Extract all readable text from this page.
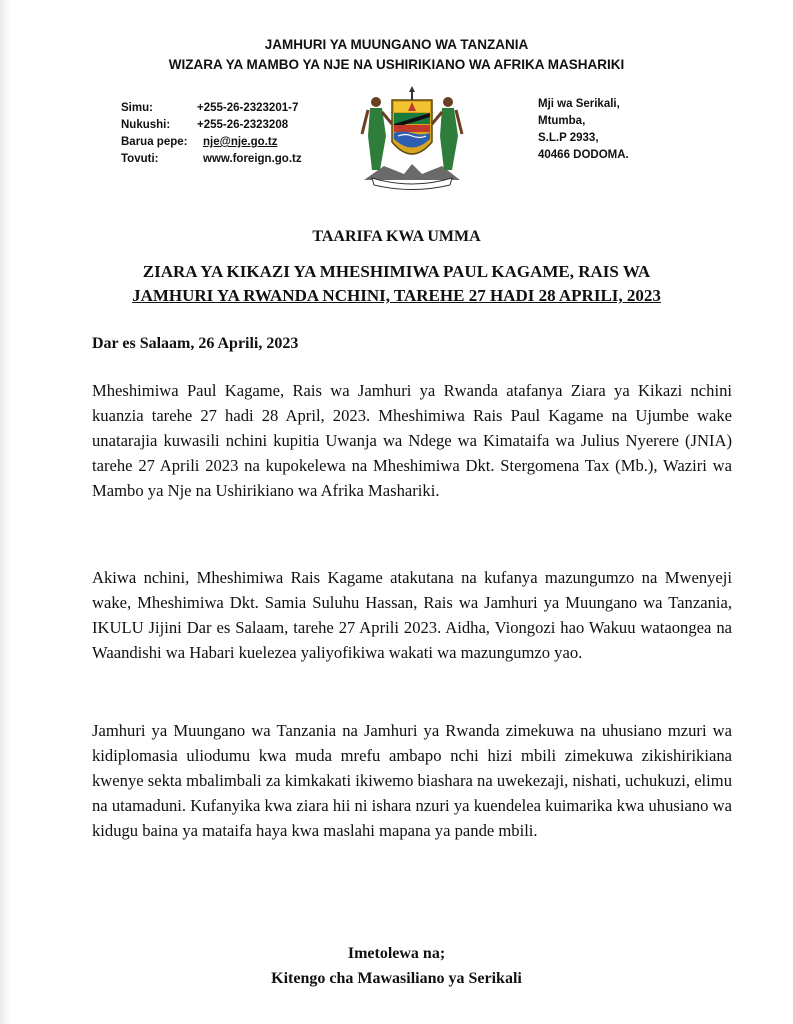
JAMHURI YA MUUNGANO WA TANZANIA
WIZARA YA MAMBO YA NJE NA USHIRIKIANO WA AFRIKA MASHARIKI
Simu:	+255-26-2323201-7
Nukushi:	+255-26-2323208
Barua pepe:	nje@nje.go.tz
Tovuti:	www.foreign.go.tz
Mji wa Serikali,
Mtumba,
S.L.P 2933,
40466 DODOMA.
TAARIFA KWA UMMA
ZIARA YA KIKAZI YA MHESHIMIWA PAUL KAGAME, RAIS WA
JAMHURI YA RWANDA NCHINI, TAREHE 27 HADI 28 APRILI, 2023
Dar es Salaam, 26 Aprili, 2023
Mheshimiwa Paul Kagame, Rais wa Jamhuri ya Rwanda atafanya Ziara ya Kikazi nchini kuanzia tarehe 27 hadi 28 April, 2023. Mheshimiwa Rais Paul Kagame na Ujumbe wake unatarajia kuwasili nchini kupitia Uwanja wa Ndege wa Kimataifa wa Julius Nyerere (JNIA) tarehe 27 Aprili 2023 na kupokelewa na Mheshimiwa Dkt. Stergomena Tax (Mb.), Waziri wa Mambo ya Nje na Ushirikiano wa Afrika Mashariki.
Akiwa nchini, Mheshimiwa Rais Kagame atakutana na kufanya mazungumzo na Mwenyeji wake, Mheshimiwa Dkt. Samia Suluhu Hassan, Rais wa Jamhuri ya Muungano wa Tanzania, IKULU Jijini Dar es Salaam, tarehe 27 Aprili 2023. Aidha, Viongozi hao Wakuu wataongea na Waandishi wa Habari kuelezea yaliyofikiwa wakati wa mazungumzo yao.
Jamhuri ya Muungano wa Tanzania na Jamhuri ya Rwanda zimekuwa na uhusiano mzuri wa kidiplomasia uliodumu kwa muda mrefu ambapo nchi hizi mbili zimekuwa zikishirikiana kwenye sekta mbalimbali za kimkakati ikiwemo biashara na uwekezaji, nishati, uchukuzi, elimu na utamaduni. Kufanyika kwa ziara hii ni ishara nzuri ya kuendelea kuimarika kwa uhusiano wa kidugu baina ya mataifa haya kwa maslahi mapana ya pande mbili.
Imetolewa na;
Kitengo cha Mawasiliano ya Serikali
